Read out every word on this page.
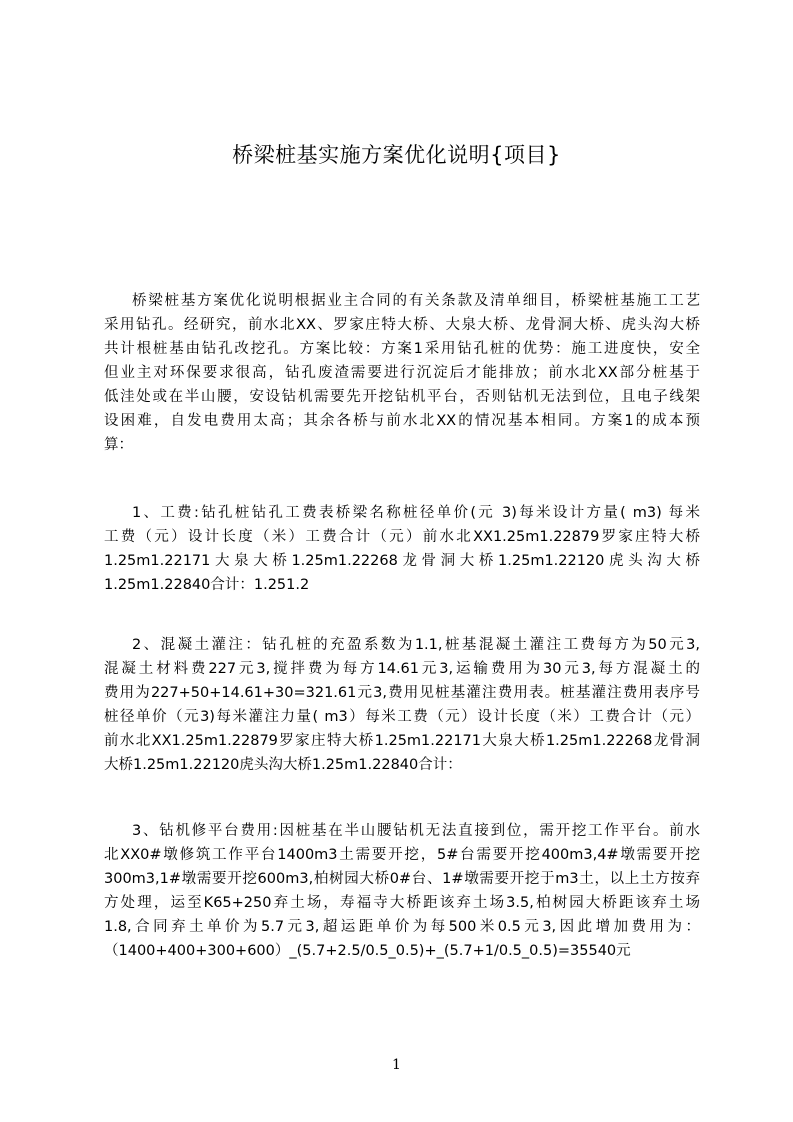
桥梁桩基实施方案优化说明{项目}
桥梁桩基方案优化说明根据业主合同的有关条款及清单细目，桥梁桩基施工工艺
采用钻孔。经研究，前水北XX、罗家庄特大桥、大泉大桥、龙骨洞大桥、虎头沟大桥
共计根桩基由钻孔改挖孔。方案比较：方案1采用钻孔桩的优势：施工进度快，安全
但业主对环保要求很高，钻孔废渣需要进行沉淀后才能排放；前水北XX部分桩基于
低洼处或在半山腰，安设钻机需要先开挖钻机平台，否则钻机无法到位，且电子线架
设困难，自发电费用太高；其余各桥与前水北XX的情况基本相同。方案1的成本预
算：
1、工费:钻孔桩钻孔工费表桥梁名称桩径单价(元 3)每米设计方量( m3) 每米
工费（元）设计长度（米）工费合计（元）前水北XX1.25m1.22879罗家庄特大桥
1.25m1.22171大泉大桥1.25m1.22268龙骨洞大桥1.25m1.22120虎头沟大桥
1.25m1.22840合计：1.251.2
2、混凝土灌注：钻孔桩的充盈系数为1.1,桩基混凝土灌注工费每方为50元3,
混凝土材料费227元3,搅拌费为每方14.61元3,运输费用为30元3,每方混凝土的
费用为227+50+14.61+30=321.61元3,费用见桩基灌注费用表。桩基灌注费用表序号
桩径单价（元3)每米灌注力量( m3）每米工费（元）设计长度（米）工费合计（元）
前水北XX1.25m1.22879罗家庄特大桥1.25m1.22171大泉大桥1.25m1.22268龙骨洞
大桥1.25m1.22120虎头沟大桥1.25m1.22840合计：
3、钻机修平台费用:因桩基在半山腰钻机无法直接到位，需开挖工作平台。前水
北XX0#墩修筑工作平台1400m3土需要开挖，5#台需要开挖400m3,4#墩需要开挖
300m3,1#墩需要开挖600m3,柏树园大桥0#台、1#墩需要开挖于m3土，以上土方按弃
方处理，运至K65+250弃土场，寿福寺大桥距该弃土场3.5,柏树园大桥距该弃土场
1.8,合同弃土单价为5.7元3,超运距单价为每500米0.5元3,因此增加费用为：
（1400+400+300+600）_(5.7+2.5/0.5_0.5)+_(5.7+1/0.5_0.5)=35540元
1
